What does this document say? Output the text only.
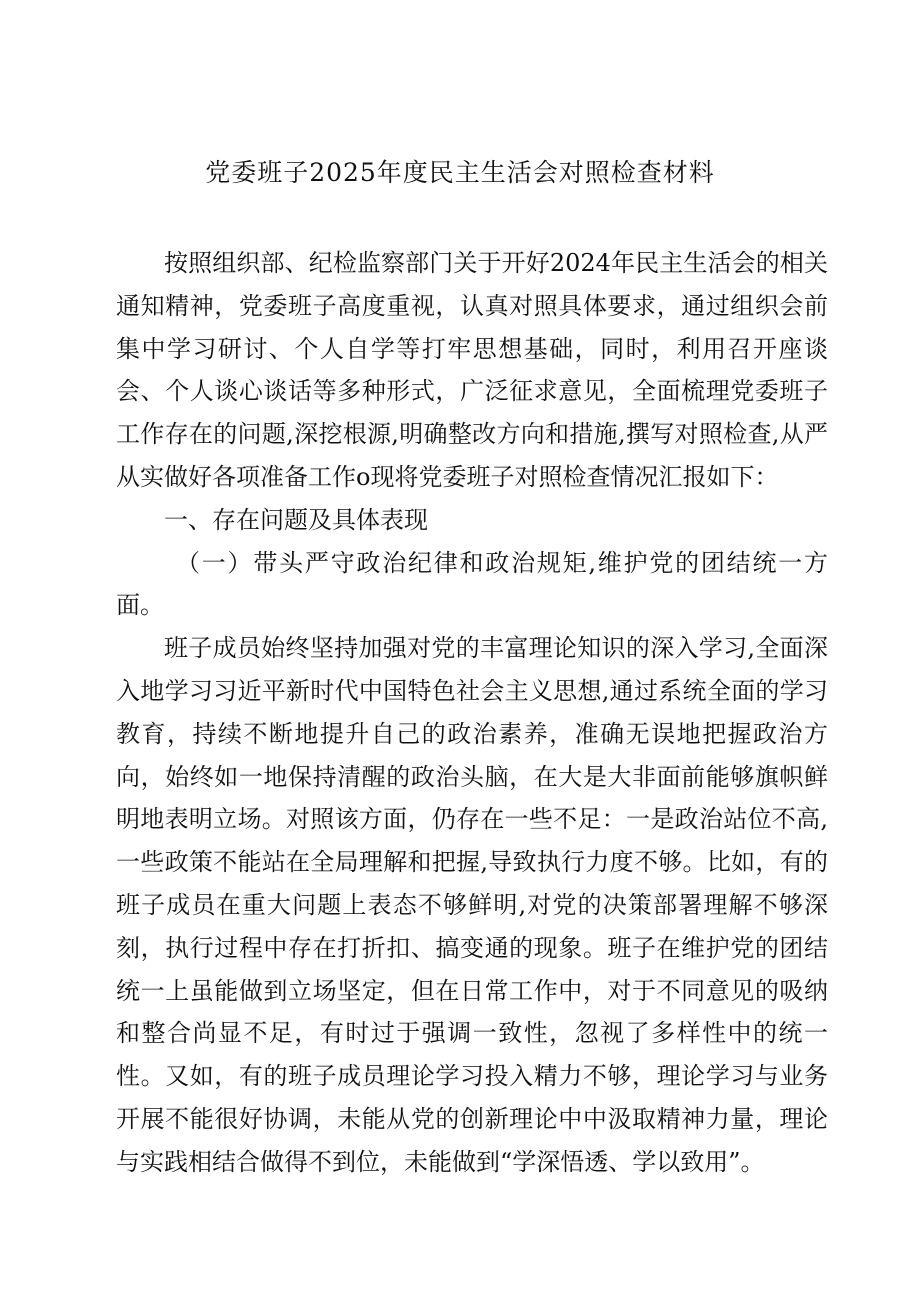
党委班子2025年度民主生活会对照检查材料

按照组织部、纪检监察部门关于开好2024年民主生活会的相关通知精神，党委班子高度重视，认真对照具体要求，通过组织会前集中学习研讨、个人自学等打牢思想基础，同时，利用召开座谈会、个人谈心谈话等多种形式，广泛征求意见，全面梳理党委班子工作存在的问题,深挖根源,明确整改方向和措施,撰写对照检查,从严从实做好各项准备工作o现将党委班子对照检查情况汇报如下：

一、存在问题及具体表现

（一）带头严守政治纪律和政治规矩,维护党的团结统一方面。

班子成员始终坚持加强对党的丰富理论知识的深入学习,全面深入地学习习近平新时代中国特色社会主义思想,通过系统全面的学习教育，持续不断地提升自己的政治素养，准确无误地把握政治方向，始终如一地保持清醒的政治头脑，在大是大非面前能够旗帜鲜明地表明立场。对照该方面，仍存在一些不足：一是政治站位不高,一些政策不能站在全局理解和把握,导致执行力度不够。比如，有的班子成员在重大问题上表态不够鲜明,对党的决策部署理解不够深刻，执行过程中存在打折扣、搞变通的现象。班子在维护党的团结统一上虽能做到立场坚定，但在日常工作中，对于不同意见的吸纳和整合尚显不足，有时过于强调一致性，忽视了多样性中的统一性。又如，有的班子成员理论学习投入精力不够，理论学习与业务开展不能很好协调，未能从党的创新理论中中汲取精神力量，理论与实践相结合做得不到位，未能做到“学深悟透、学以致用”。
